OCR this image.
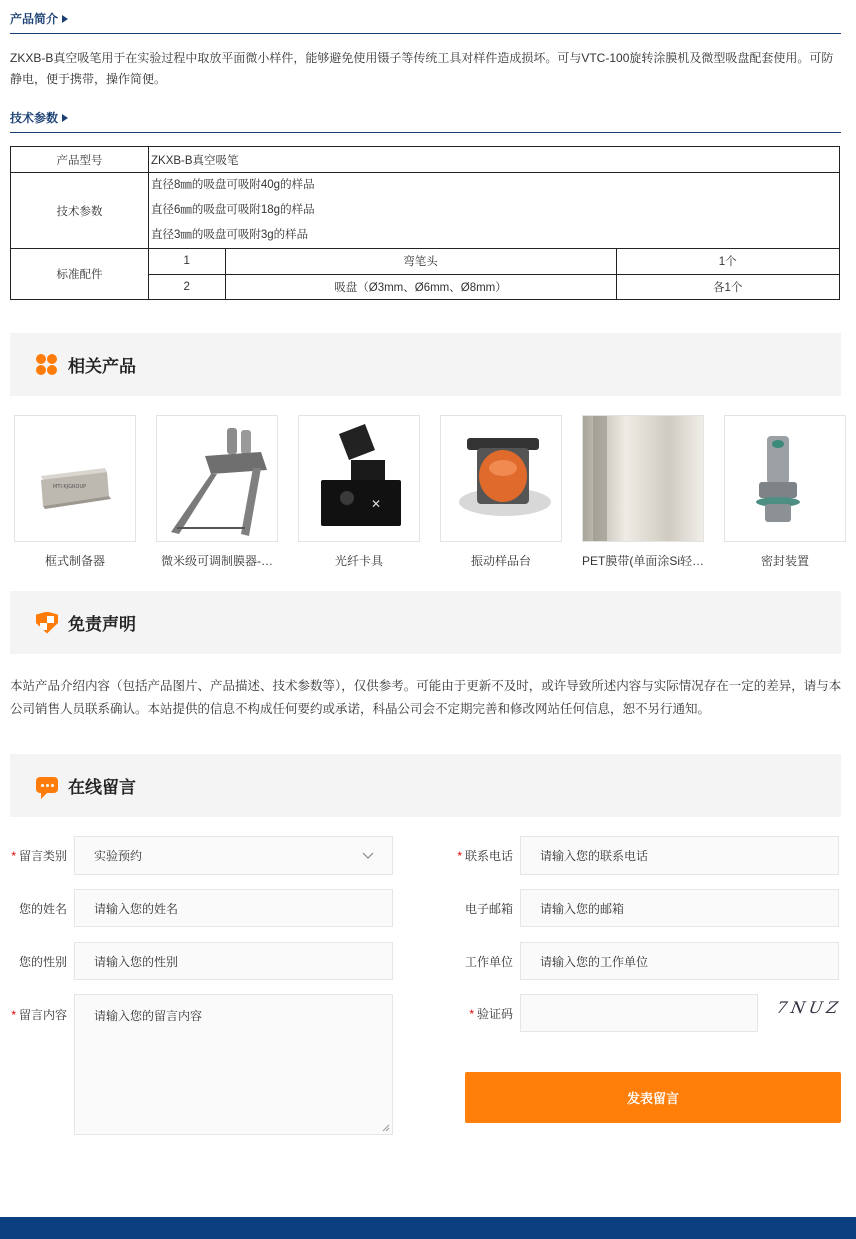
产品简介
ZKXB-B真空吸笔用于在实验过程中取放平面微小样件，能够避免使用镊子等传统工具对样件造成损坏。可与VTC-100旋转涂膜机及微型吸盘配套使用。可防静电，便于携带，操作简便。
技术参数
产品型号	ZKXB-B真空吸笔
技术参数	
直径8㎜的吸盘可吸附40g的样品
直径6㎜的吸盘可吸附18g的样品
直径3㎜的吸盘可吸附3g的样品

标准配件	
1	弯笔头	1个
2	吸盘（Ø3mm、Ø6mm、Ø8mm）	各1个
相关产品
MTI·KJGROUP
框式制备器	微米级可调制膜器-…
✕
光纤卡具	振动样品台	PET膜带(单面涂Si轻…	密封装置
免责声明
本站产品介绍内容（包括产品图片、产品描述、技术参数等），仅供参考。可能由于更新不及时，或许导致所述内容与实际情况存在一定的差异，请与本公司销售人员联系确认。本站提供的信息不构成任何要约或承诺，科晶公司会不定期完善和修改网站任何信息，恕不另行通知。
在线留言
* 留言类别 实验预约
您的姓名	请输入您的姓名
您的性别	请输入您的性别
* 留言内容 请输入您的留言内容
* 联系电话	请输入您的联系电话
电子邮箱	请输入您的邮箱
工作单位	请输入您的工作单位
* 验证码	7NUZ
发表留言
